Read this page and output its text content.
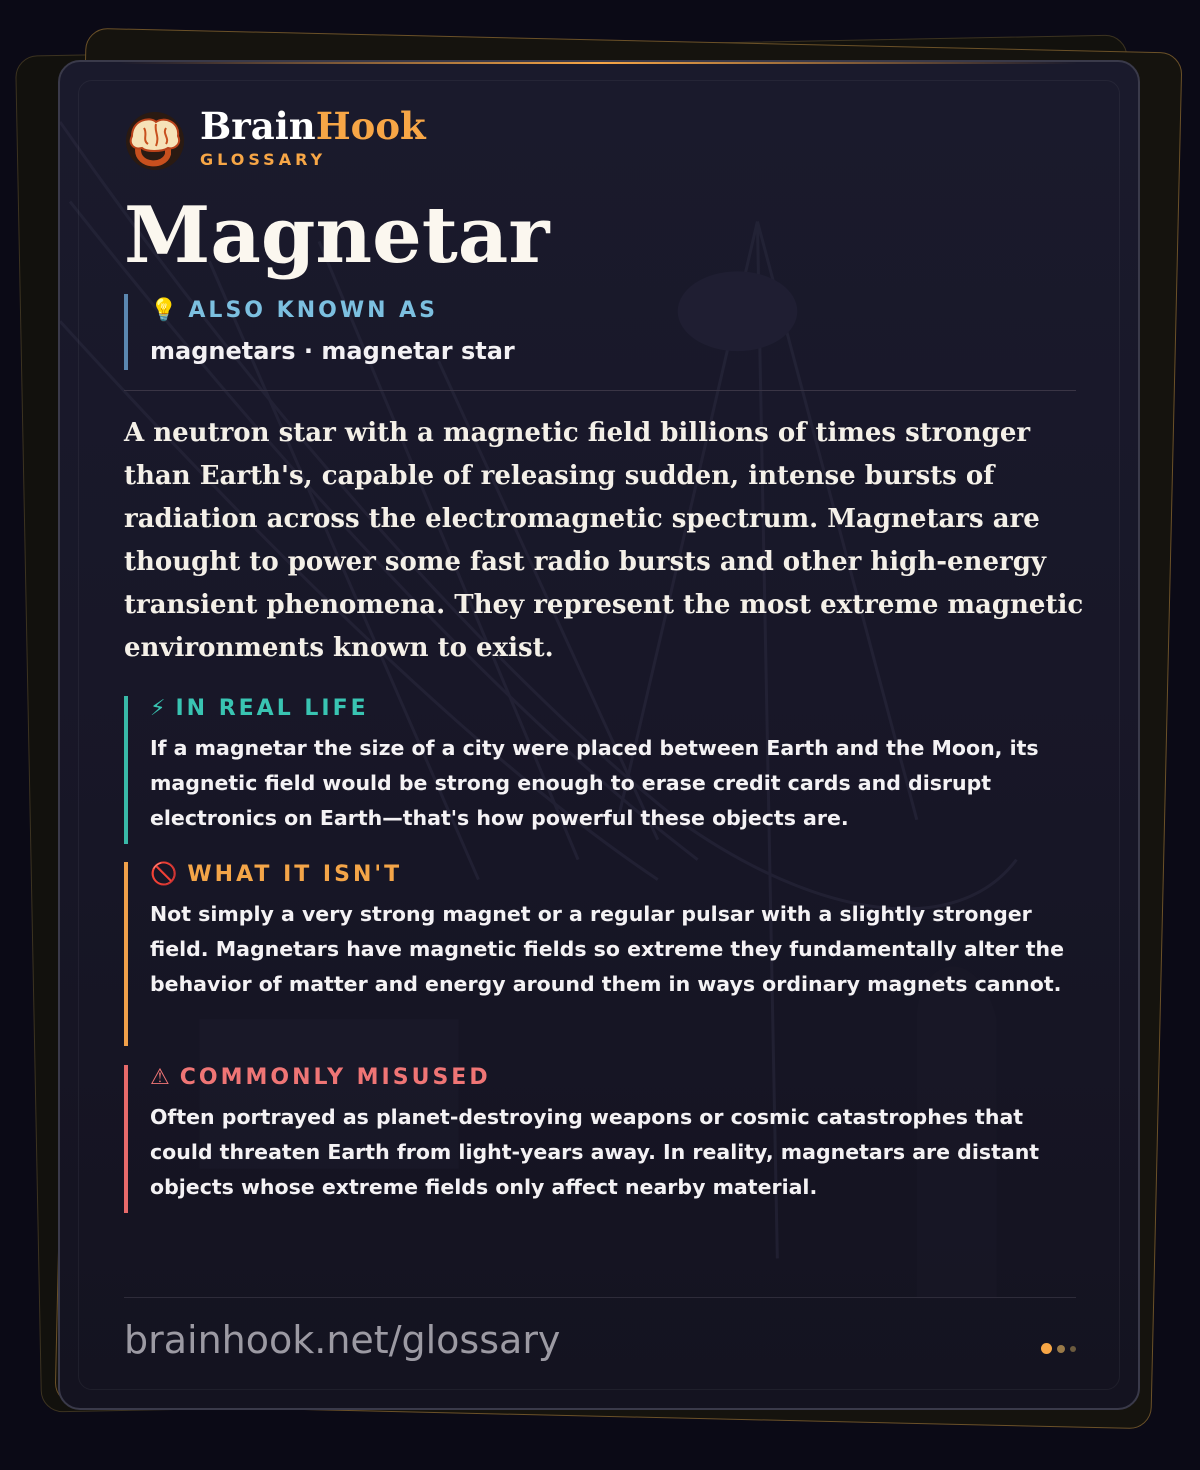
BrainHook
GLOSSARY
Magnetar
💡 ALSO KNOWN AS
magnetars · magnetar star

A neutron star with a magnetic field billions of times stronger than Earth's, capable of releasing sudden, intense bursts of radiation across the electromagnetic spectrum. Magnetars are thought to power some fast radio bursts and other high-energy transient phenomena. They represent the most extreme magnetic environments known to exist.

⚡ IN REAL LIFE
If a magnetar the size of a city were placed between Earth and the Moon, its magnetic field would be strong enough to erase credit cards and disrupt electronics on Earth—that's how powerful these objects are.
🚫 WHAT IT ISN'T
Not simply a very strong magnet or a regular pulsar with a slightly stronger field. Magnetars have magnetic fields so extreme they fundamentally alter the behavior of matter and energy around them in ways ordinary magnets cannot.
⚠ COMMONLY MISUSED
Often portrayed as planet-destroying weapons or cosmic catastrophes that could threaten Earth from light-years away. In reality, magnetars are distant objects whose extreme fields only affect nearby material.
brainhook.net/glossary
